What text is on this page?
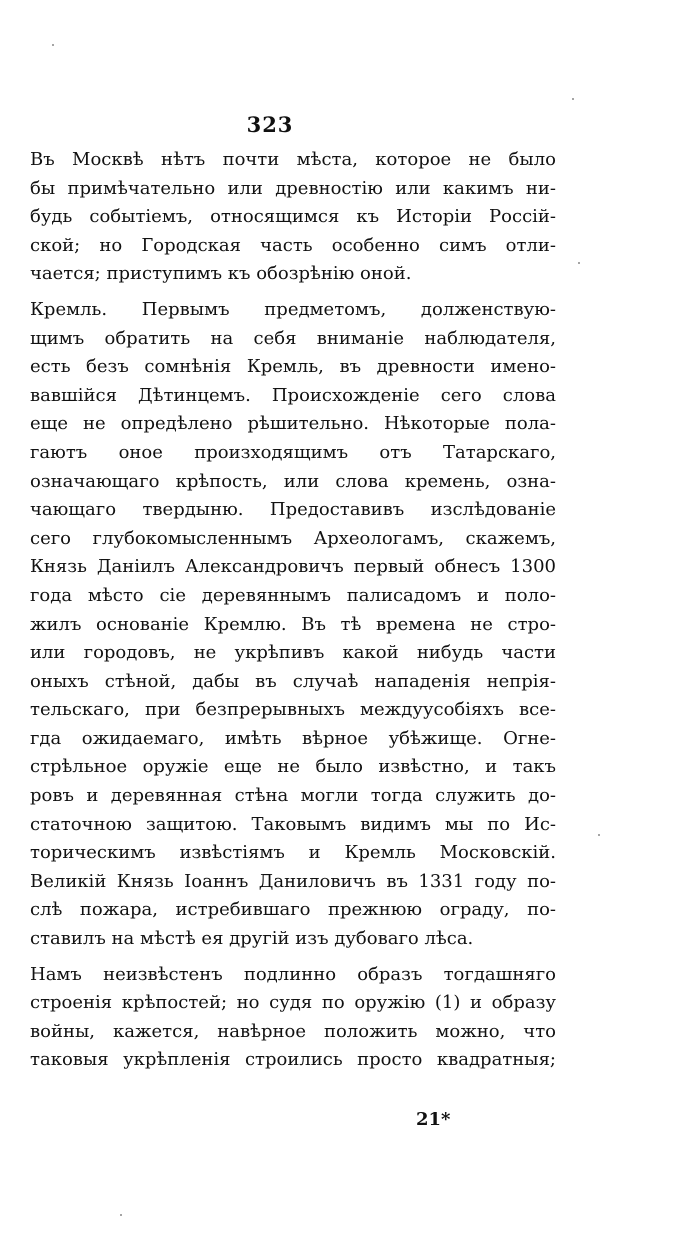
323
Въ Москвѣ нѣтъ почти мѣста, которое не было
бы примѣчательно или древностію или какимъ ни-
будь событіемъ, относящимся къ Исторіи Россій-
ской; но Городская часть особенно симъ отли-
чается; приступимъ къ обозрѣнію оной.
Кремль. Первымъ предметомъ, долженствую-
щимъ обратить на себя вниманіе наблюдателя,
есть безъ сомнѣнія Кремль, въ древности имено-
вавшійся Дѣтинцемъ. Происхожденіе сего слова
еще не опредѣлено рѣшительно. Нѣкоторые пола-
гаютъ оное произходящимъ отъ Татарскаго,
означающаго крѣпость, или слова кремень, озна-
чающаго твердыню. Предоставивъ изслѣдованіе
сего глубокомысленнымъ Археологамъ, скажемъ,
Князь Даніилъ Александровичъ первый обнесъ 1300
года мѣсто сіе деревяннымъ палисадомъ и поло-
жилъ основаніе Кремлю. Въ тѣ времена не стро-
или городовъ, не укрѣпивъ какой нибудь части
оныхъ стѣной, дабы въ случаѣ нападенія непрія-
тельскаго, при безпрерывныхъ междуусобіяхъ все-
гда ожидаемаго, имѣть вѣрное убѣжище. Огне-
стрѣльное оружіе еще не было извѣстно, и такъ
ровъ и деревянная стѣна могли тогда служить до-
статочною защитою. Таковымъ видимъ мы по Ис-
торическимъ извѣстіямъ и Кремль Московскій.
Великій Князь Іоаннъ Даниловичъ въ 1331 году по-
слѣ пожара, истребившаго прежнюю ограду, по-
ставилъ на мѣстѣ ея другій изъ дубоваго лѣса.
Намъ неизвѣстенъ подлинно образъ тогдашняго
строенія крѣпостей; но судя по оружію (1) и образу
войны, кажется, навѣрное положить можно, что
таковыя укрѣпленія строились просто квадратныя;
21*
